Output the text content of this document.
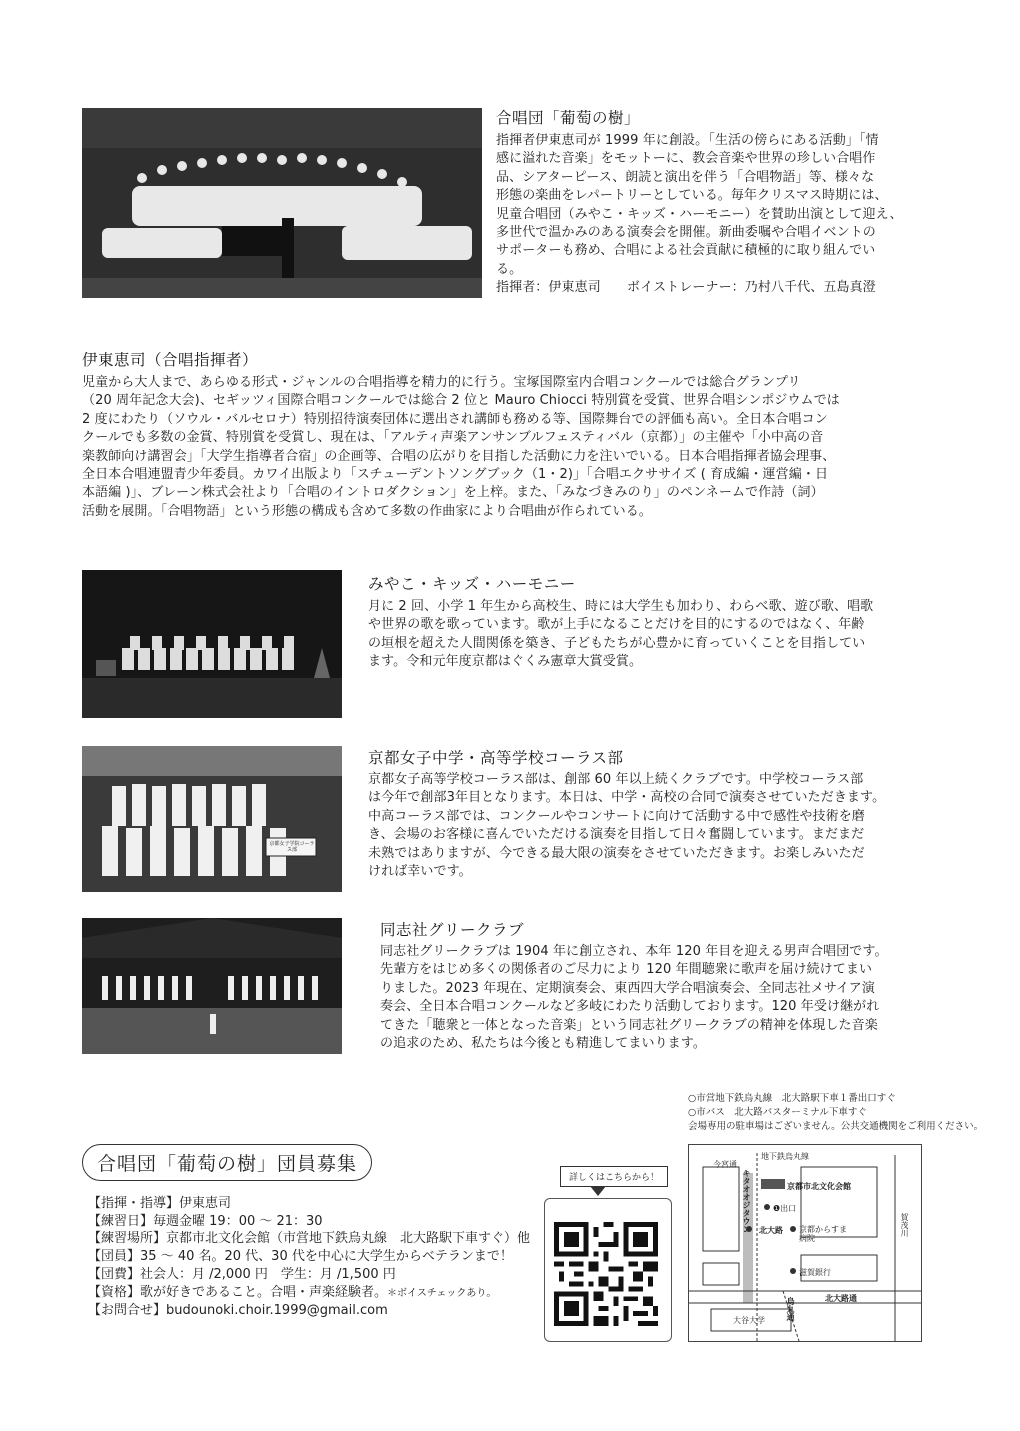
合唱団「葡萄の樹」
指揮者伊東恵司が 1999 年に創設。「生活の傍らにある活動」「情
感に溢れた音楽」をモットーに、教会音楽や世界の珍しい合唱作
品、シアターピース、朗読と演出を伴う「合唱物語」等、様々な
形態の楽曲をレパートリーとしている。毎年クリスマス時期には、
児童合唱団（みやこ・キッズ・ハーモニー）を賛助出演として迎え、
多世代で温かみのある演奏会を開催。新曲委嘱や合唱イベントの
サポーターも務め、合唱による社会貢献に積極的に取り組んでい
る。
指揮者：伊東恵司　　ボイストレーナー：乃村八千代、五島真澄
伊東恵司（合唱指揮者）
児童から大人まで、あらゆる形式・ジャンルの合唱指導を精力的に行う。宝塚国際室内合唱コンクールでは総合グランプリ
（20 周年記念大会)、セギッツィ国際合唱コンクールでは総合 2 位と Mauro Chiocci 特別賞を受賞、世界合唱シンポジウムでは
2 度にわたり（ソウル・バルセロナ）特別招待演奏団体に選出され講師も務める等、国際舞台での評価も高い。全日本合唱コン
クールでも多数の金賞、特別賞を受賞し、現在は、「アルティ声楽アンサンブルフェスティバル（京都）」の主催や「小中高の音
楽教師向け講習会」「大学生指導者合宿」の企画等、合唱の広がりを目指した活動に力を注いでいる。日本合唱指揮者協会理事、
全日本合唱連盟青少年委員。カワイ出版より「スチューデントソングブック（1・2)」「合唱エクササイズ ( 育成編・運営編・日
本語編 )」、ブレーン株式会社より「合唱のイントロダクション」を上梓。また、「みなづきみのり」のペンネームで作詩（詞）
活動を展開。「合唱物語」という形態の構成も含めて多数の作曲家により合唱曲が作られている。
みやこ・キッズ・ハーモニー
月に 2 回、小学 1 年生から高校生、時には大学生も加わり、わらべ歌、遊び歌、唱歌
や世界の歌を歌っています。歌が上手になることだけを目的にするのではなく、年齢
の垣根を超えた人間関係を築き、子どもたちが心豊かに育っていくことを目指してい
ます。令和元年度京都はぐくみ憲章大賞受賞。
京都女子学院コーラス部
京都女子中学・高等学校コーラス部
京都女子高等学校コーラス部は、創部 60 年以上続くクラブです。中学校コーラス部
は今年で創部3年目となります。本日は、中学・高校の合同で演奏させていただきます。
中高コーラス部では、コンクールやコンサートに向けて活動する中で感性や技術を磨
き、会場のお客様に喜んでいただける演奏を目指して日々奮闘しています。まだまだ
未熟ではありますが、今できる最大限の演奏をさせていただきます。お楽しみいただ
ければ幸いです。
同志社グリークラブ
同志社グリークラブは 1904 年に創立され、本年 120 年目を迎える男声合唱団です。
先輩方をはじめ多くの関係者のご尽力により 120 年間聴衆に歌声を届け続けてまい
りました。2023 年現在、定期演奏会、東西四大学合唱演奏会、全同志社メサイア演
奏会、全日本合唱コンクールなど多岐にわたり活動しております。120 年受け継がれ
てきた「聴衆と一体となった音楽」という同志社グリークラブの精神を体現した音楽
の追求のため、私たちは今後とも精進してまいります。
合唱団「葡萄の樹」団員募集
【指揮・指導】伊東恵司
【練習日】毎週金曜 19：00 〜 21：30
【練習場所】京都市北文化会館（市営地下鉄烏丸線　北大路駅下車すぐ）他
【団員】35 〜 40 名。20 代、30 代を中心に大学生からベテランまで！
【団費】社会人：月 /2,000 円　学生：月 /1,500 円
【資格】歌が好きであること。合唱・声楽経験者。＊ボイスチェックあり。
【お問合せ】budounoki.choir.1999@gmail.com
詳しくはこちらから！
○市営地下鉄烏丸線　北大路駅下車１番出口すぐ
○市バス　北大路バスターミナル下車すぐ
会場専用の駐車場はございません。公共交通機関をご利用ください。
地下鉄烏丸線
今宮通
京都市北文化会館
❶出口
北大路 京都からすま病院
キタオオジタウン
滋賀銀行
北大路通
大谷大学	烏丸通
賀茂川
